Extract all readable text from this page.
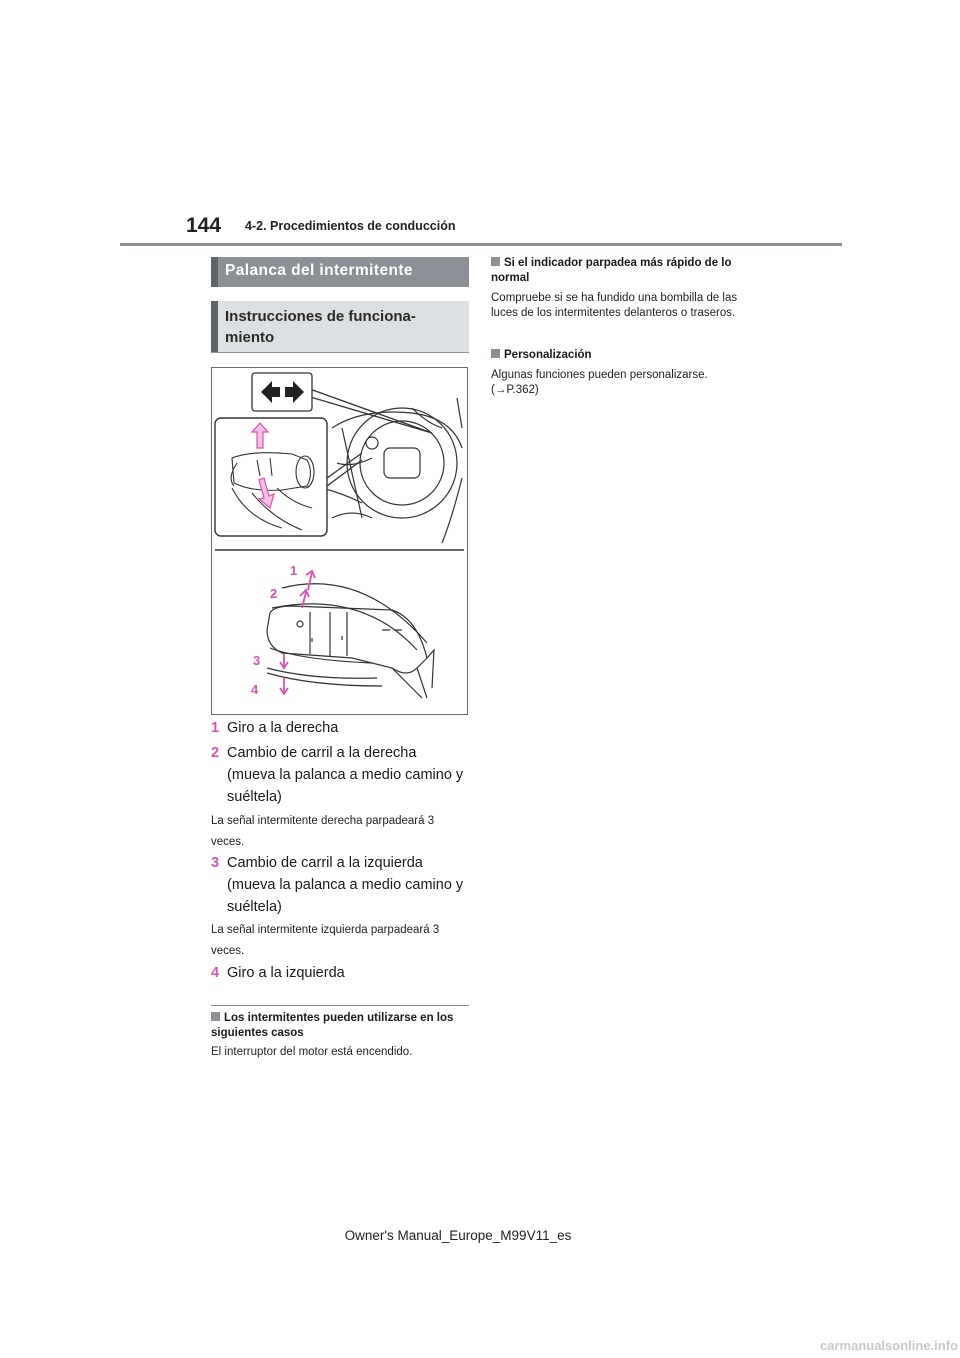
144 4-2. Procedimientos de conducción
Palanca del intermitente
Instrucciones de funciona-miento
1
2
3
4
1 Giro a la derecha
2 Cambio de carril a la derecha (mueva la palanca a medio camino y suéltela)
La señal intermitente derecha parpadeará 3 veces.
3 Cambio de carril a la izquierda (mueva la palanca a medio camino y suéltela)
La señal intermitente izquierda parpadeará 3 veces.
4 Giro a la izquierda
Los intermitentes pueden utilizarse en los siguientes casos
El interruptor del motor está encendido.
Si el indicador parpadea más rápido de lo normal
Compruebe si se ha fundido una bombilla de las luces de los intermitentes delanteros o traseros.
Personalización
Algunas funciones pueden personalizarse. (→P.362)
Owner's Manual_Europe_M99V11_es
carmanualsonline.info
